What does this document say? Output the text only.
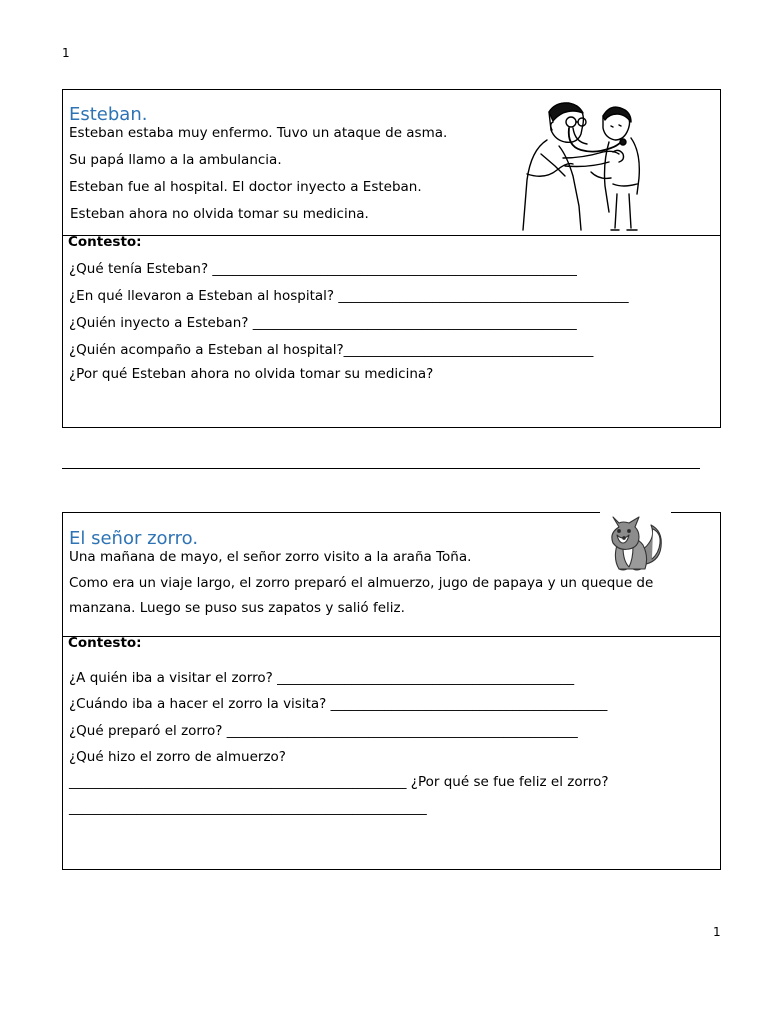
1
Esteban.
Esteban estaba muy enfermo. Tuvo un ataque de asma.
Su papá llamo a la ambulancia.
Esteban fue al hospital. El doctor inyecto a Esteban.
Esteban ahora no olvida tomar su medicina.
Contesto:
¿Qué tenía Esteban? ______________________________________________________
¿En qué llevaron a Esteban al hospital? ___________________________________________
¿Quién inyecto a Esteban? ________________________________________________
¿Quién acompaño a Esteban al hospital?_____________________________________
¿Por qué Esteban ahora no olvida tomar su medicina?
El señor zorro.
Una mañana de mayo, el señor zorro visito a la araña Toña.
Como era un viaje largo, el zorro preparó el almuerzo, jugo de papaya y un queque de
manzana. Luego se puso sus zapatos y salió feliz.
Contesto:
¿A quién iba a visitar el zorro? ____________________________________________
¿Cuándo iba a hacer el zorro la visita? _________________________________________
¿Qué preparó el zorro? ____________________________________________________
¿Qué hizo el zorro de almuerzo?
__________________________________________________ ¿Por qué se fue feliz el zorro?
_____________________________________________________
1
